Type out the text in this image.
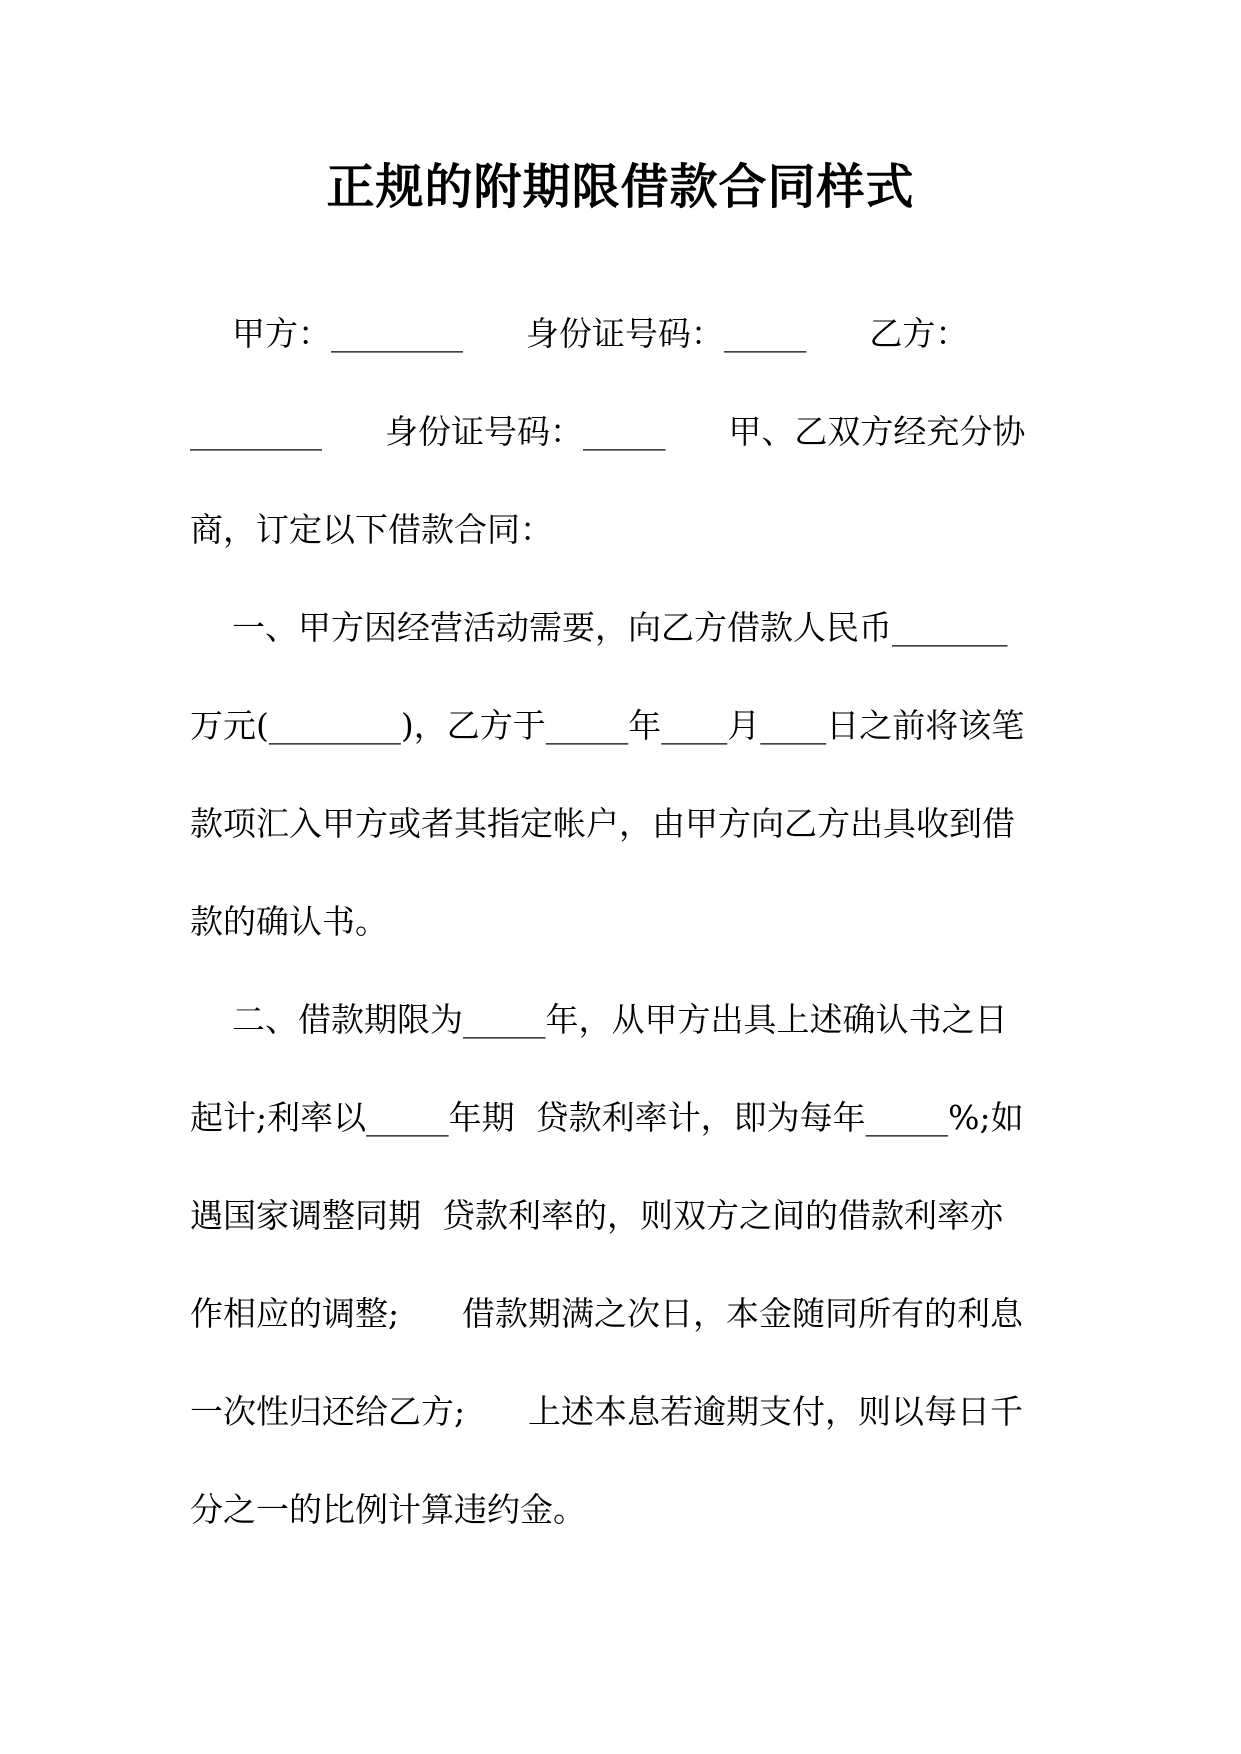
正规的附期限借款合同样式

甲方：________      身份证号码：_____      乙方：

________      身份证号码：_____      甲、乙双方经充分协

商，订定以下借款合同：

一、甲方因经营活动需要，向乙方借款人民币_______

万元(________)，乙方于_____年____月____日之前将该笔

款项汇入甲方或者其指定帐户，由甲方向乙方出具收到借

款的确认书。

二、借款期限为_____年，从甲方出具上述确认书之日

起计;利率以_____年期  贷款利率计，即为每年_____%;如

遇国家调整同期  贷款利率的，则双方之间的借款利率亦

作相应的调整;      借款期满之次日，本金随同所有的利息

一次性归还给乙方;      上述本息若逾期支付，则以每日千

分之一的比例计算违约金。
